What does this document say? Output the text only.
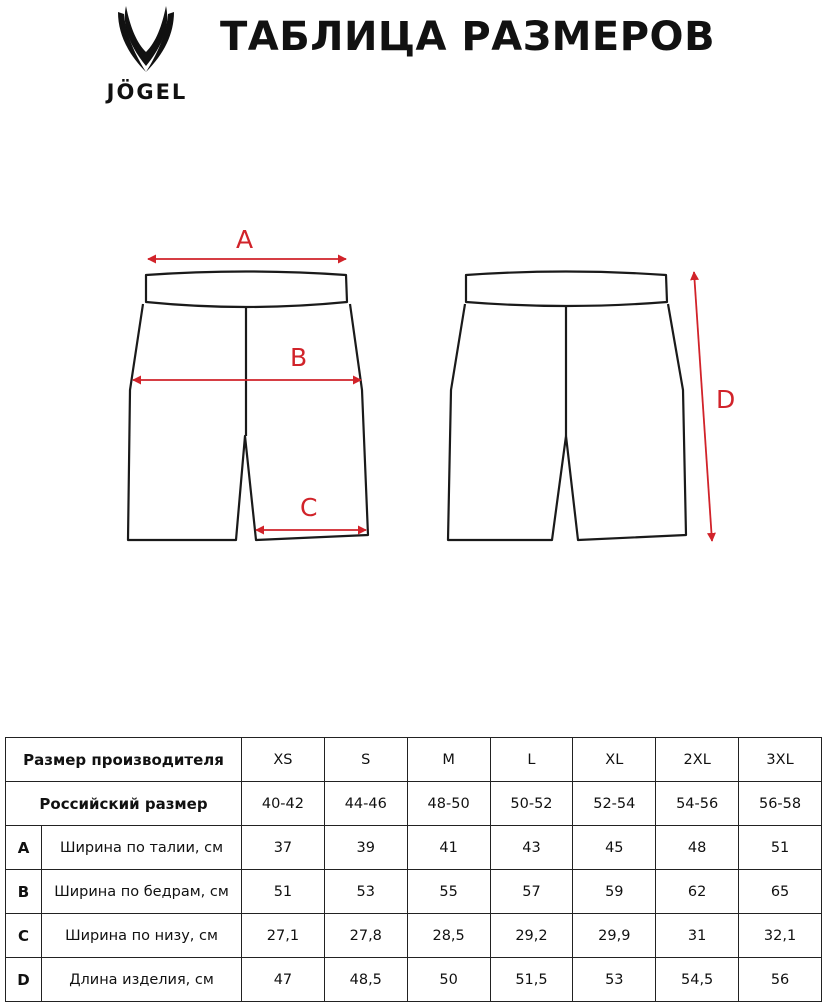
JÖGEL
ТАБЛИЦА РАЗМЕРОВ
A
B
C
D
Размер производителя		XS	S	M	L	XL	2XL	3XL
Российский размер		40-42	44-46	48-50	50-52	52-54	54-56	56-58
A	Ширина по талии, см	37	39	41	43	45	48	51
B	Ширина по бедрам, см	51	53	55	57	59	62	65
C	Ширина по низу, см	27,1	27,8	28,5	29,2	29,9	31	32,1
D	Длина изделия, см	47	48,5	50	51,5	53	54,5	56
